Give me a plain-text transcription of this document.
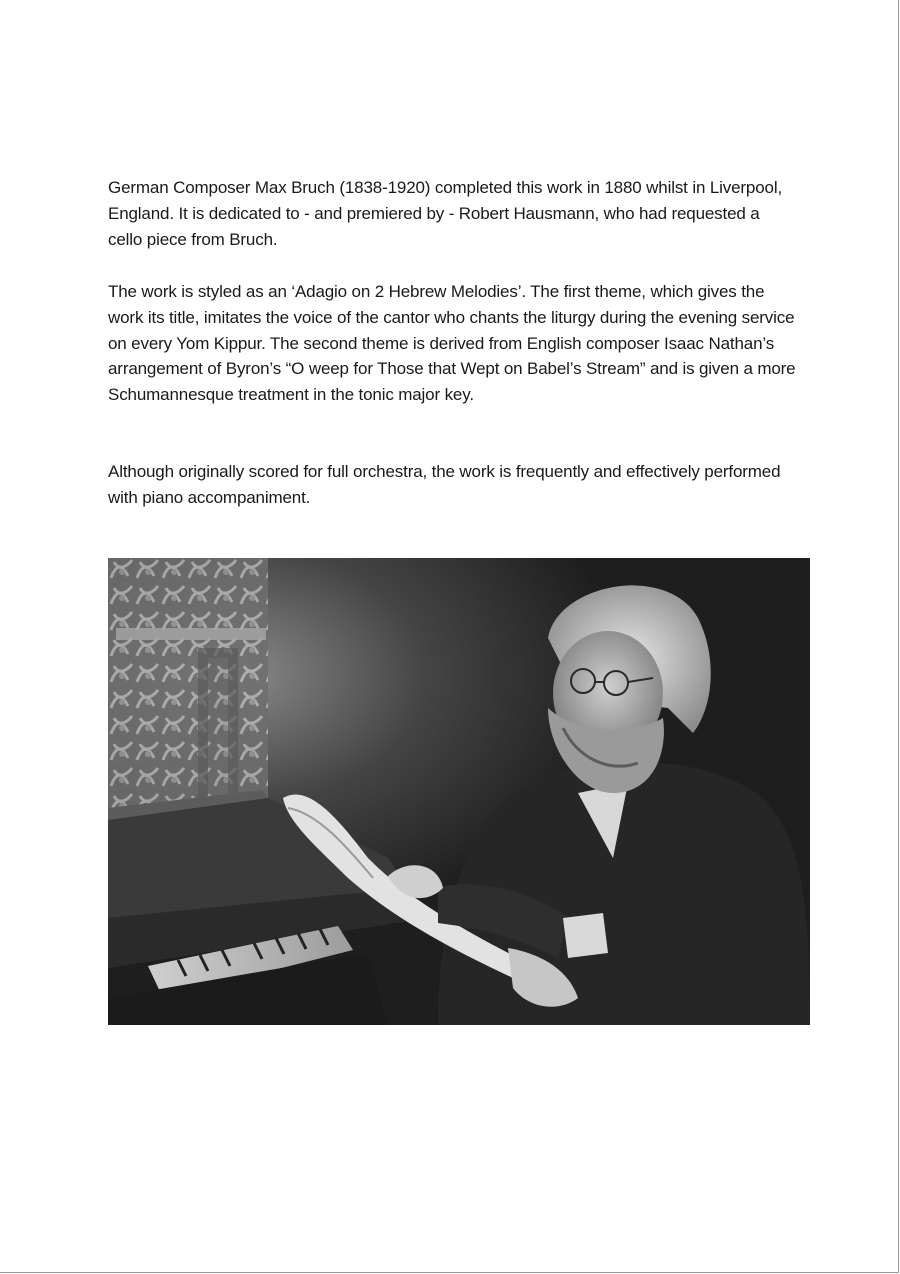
German Composer Max Bruch (1838-1920) completed this work in 1880 whilst in Liverpool, England. It is dedicated to - and premiered by - Robert Hausmann, who had requested a cello piece from Bruch.

The work is styled as an ‘Adagio on 2 Hebrew Melodies’. The first theme, which gives the work its title, imitates the voice of the cantor who chants the liturgy during the evening service on every Yom Kippur. The second theme is derived from English composer Isaac Nathan’s arrangement of Byron’s “O weep for Those that Wept on Babel’s Stream” and is given a more Schumannesque treatment in the tonic major key.

Although originally scored for full orchestra, the work is frequently and effectively performed with piano accompaniment.
